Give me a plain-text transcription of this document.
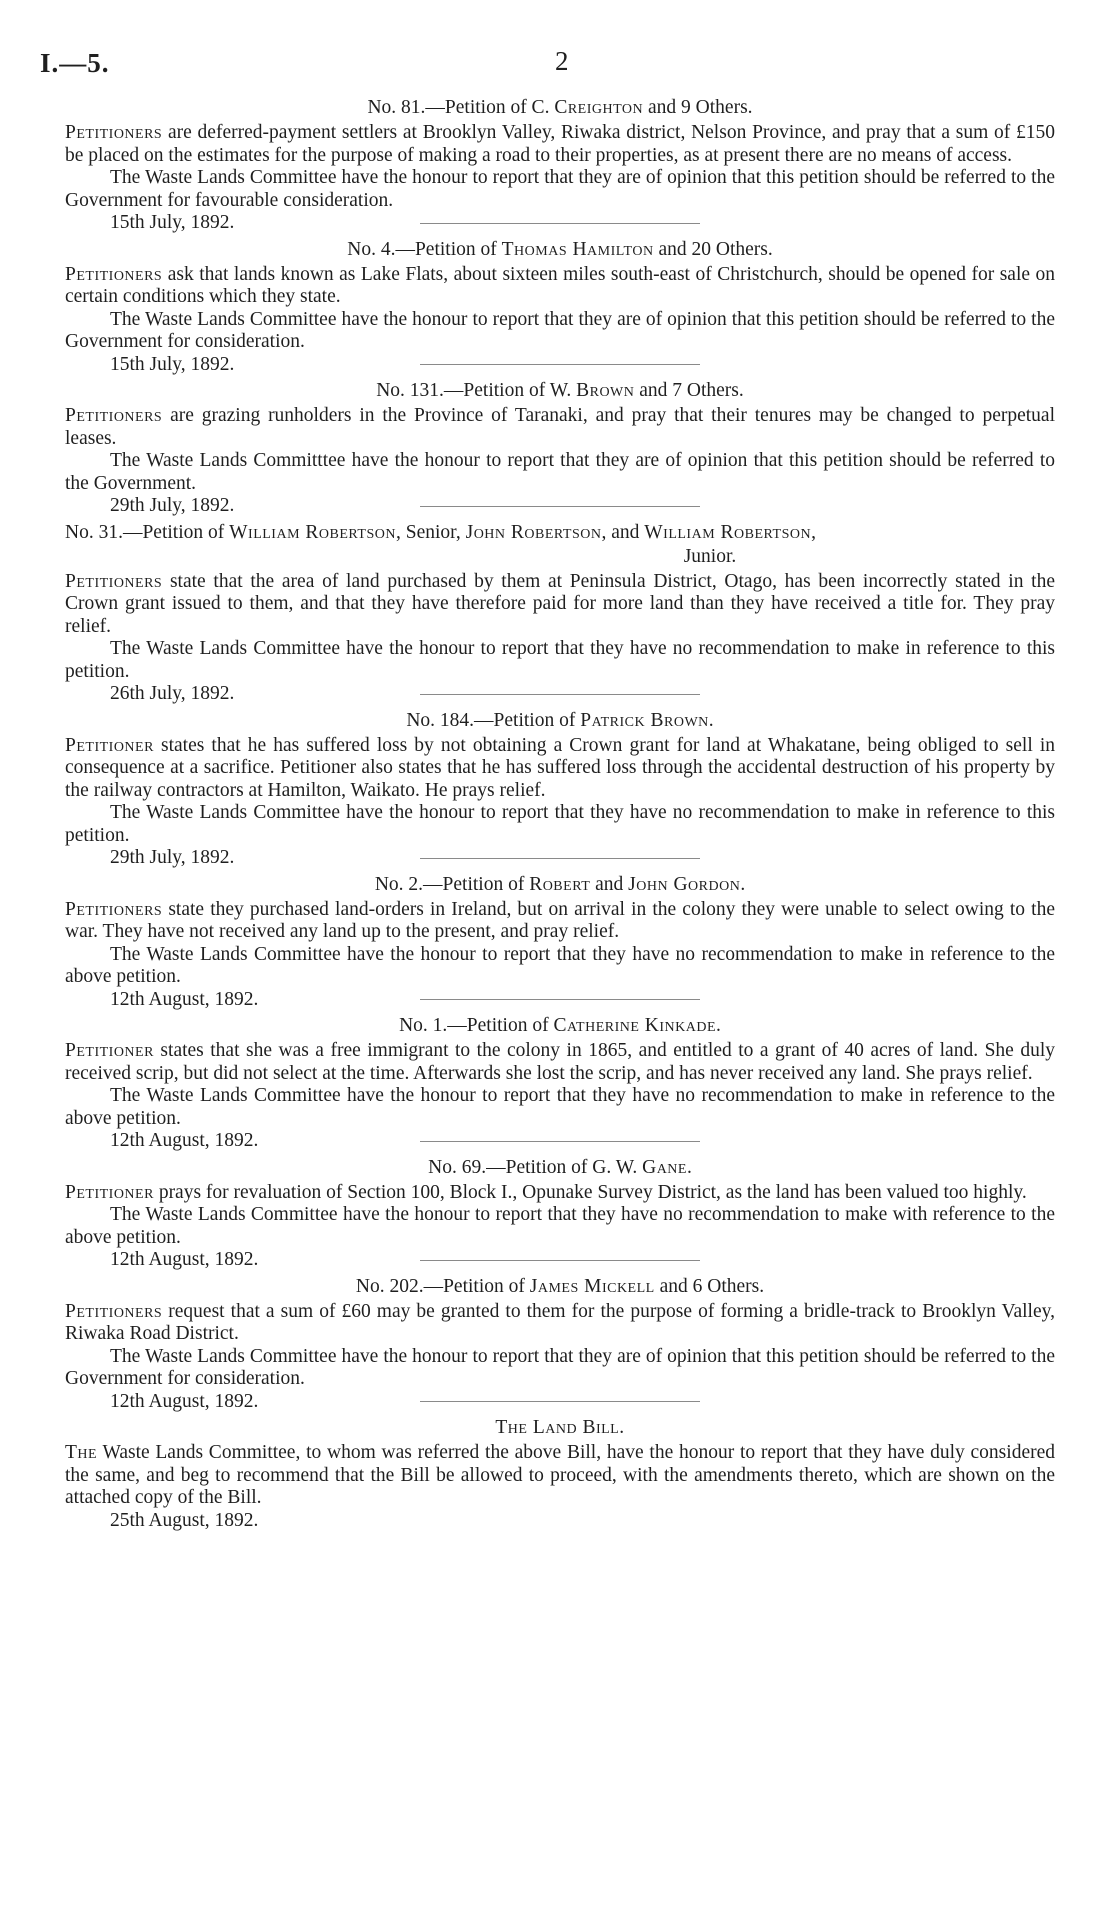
I.—5.	2

No. 81.—Petition of C. Creighton and 9 Others.

Petitioners are deferred-payment settlers at Brooklyn Valley, Riwaka district, Nelson Province, and pray that a sum of £150 be placed on the estimates for the purpose of making a road to their properties, as at present there are no means of access.

The Waste Lands Committee have the honour to report that they are of opinion that this petition should be referred to the Government for favourable consideration.

15th July, 1892.

No. 4.—Petition of Thomas Hamilton and 20 Others.

Petitioners ask that lands known as Lake Flats, about sixteen miles south-east of Christchurch, should be opened for sale on certain conditions which they state.

The Waste Lands Committee have the honour to report that they are of opinion that this petition should be referred to the Government for consideration.

15th July, 1892.

No. 131.—Petition of W. Brown and 7 Others.

Petitioners are grazing runholders in the Province of Taranaki, and pray that their tenures may be changed to perpetual leases.

The Waste Lands Committtee have the honour to report that they are of opinion that this petition should be referred to the Government.

29th July, 1892.

No. 31.—Petition of William Robertson, Senior, John Robertson, and William Robertson,
Junior.

Petitioners state that the area of land purchased by them at Peninsula District, Otago, has been incorrectly stated in the Crown grant issued to them, and that they have therefore paid for more land than they have received a title for. They pray relief.

The Waste Lands Committee have the honour to report that they have no recommendation to make in reference to this petition.

26th July, 1892.

No. 184.—Petition of Patrick Brown.

Petitioner states that he has suffered loss by not obtaining a Crown grant for land at Whakatane, being obliged to sell in consequence at a sacrifice. Petitioner also states that he has suffered loss through the accidental destruction of his property by the railway contractors at Hamilton, Waikato. He prays relief.

The Waste Lands Committee have the honour to report that they have no recommendation to make in reference to this petition.

29th July, 1892.

No. 2.—Petition of Robert and John Gordon.

Petitioners state they purchased land-orders in Ireland, but on arrival in the colony they were unable to select owing to the war. They have not received any land up to the present, and pray relief.

The Waste Lands Committee have the honour to report that they have no recommendation to make in reference to the above petition.

12th August, 1892.

No. 1.—Petition of Catherine Kinkade.

Petitioner states that she was a free immigrant to the colony in 1865, and entitled to a grant of 40 acres of land. She duly received scrip, but did not select at the time. Afterwards she lost the scrip, and has never received any land. She prays relief.

The Waste Lands Committee have the honour to report that they have no recommendation to make in reference to the above petition.

12th August, 1892.

No. 69.—Petition of G. W. Gane.

Petitioner prays for revaluation of Section 100, Block I., Opunake Survey District, as the land has been valued too highly.

The Waste Lands Committee have the honour to report that they have no recommendation to make with reference to the above petition.

12th August, 1892.

No. 202.—Petition of James Mickell and 6 Others.

Petitioners request that a sum of £60 may be granted to them for the purpose of forming a bridle-track to Brooklyn Valley, Riwaka Road District.

The Waste Lands Committee have the honour to report that they are of opinion that this petition should be referred to the Government for consideration.

12th August, 1892.

The Land Bill.

The Waste Lands Committee, to whom was referred the above Bill, have the honour to report that they have duly considered the same, and beg to recommend that the Bill be allowed to proceed, with the amendments thereto, which are shown on the attached copy of the Bill.

25th August, 1892.
